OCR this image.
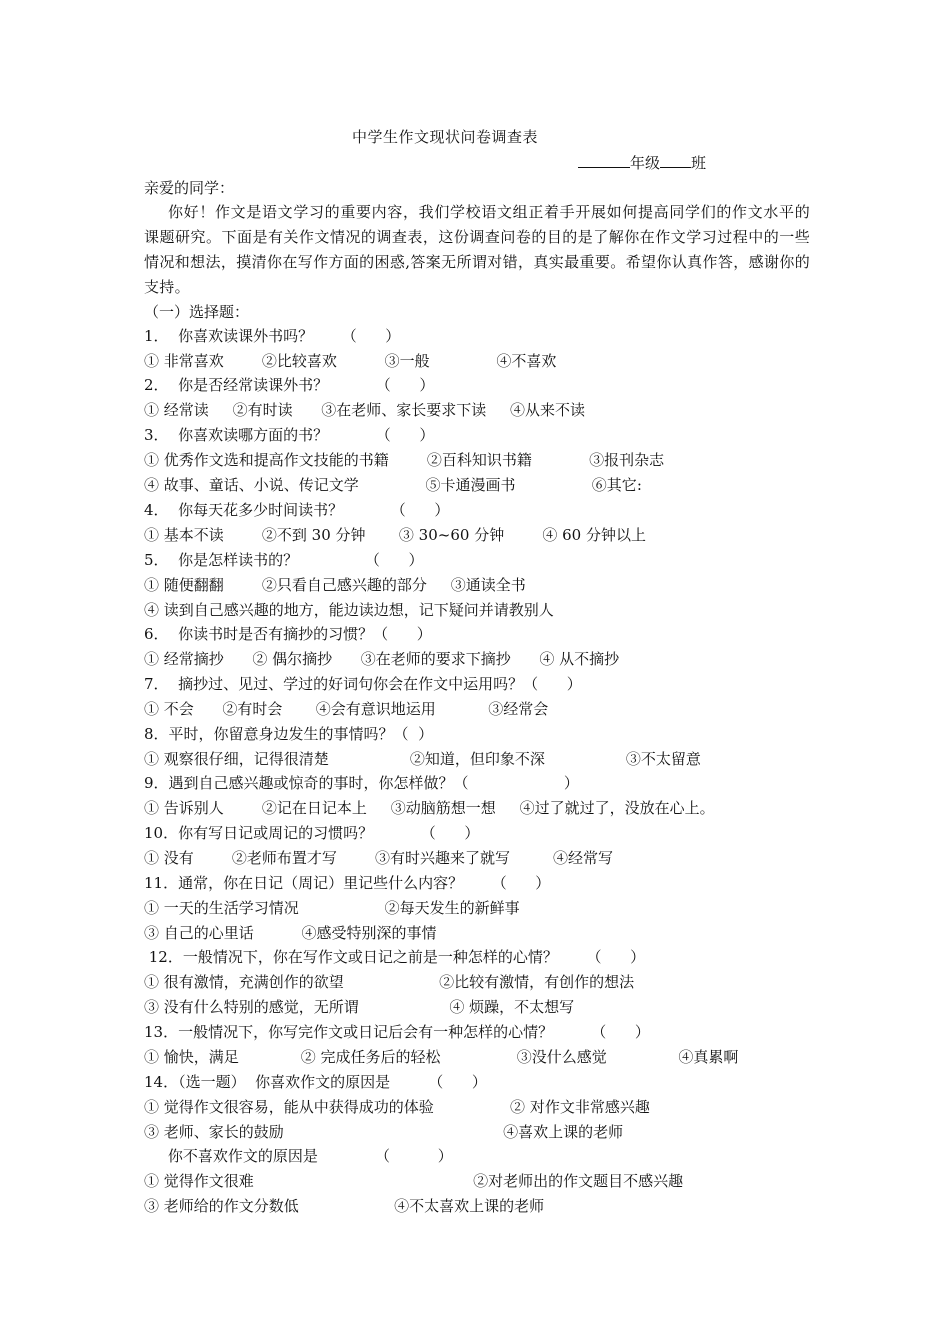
中学生作文现状问卷调查表
年级 班
亲爱的同学：
你好！作文是语文学习的重要内容，我们学校语文组正着手开展如何提高同学们的作文水平的课题研究。下面是有关作文情况的调查表，这份调查问卷的目的是了解你在作文学习过程中的一些情况和想法，摸清你在写作方面的困惑,答案无所谓对错，真实最重要。希望你认真作答，感谢你的支持。
（一）选择题：
1．  你喜欢读课外书吗？      （      ）
① 非常喜欢        ②比较喜欢          ③一般              ④不喜欢
2．  你是否经常读课外书？          （      ）
① 经常读     ②有时读      ③在老师、家长要求下读     ④从来不读
3．  你喜欢读哪方面的书？          （      ）
① 优秀作文选和提高作文技能的书籍        ②百科知识书籍            ③报刊杂志
④ 故事、童话、小说、传记文学              ⑤卡通漫画书                ⑥其它:
4．  你每天花多少时间读书？          （      ）
① 基本不读        ②不到 30 分钟       ③ 30~60 分钟        ④ 60 分钟以上
5．  你是怎样读书的？              （      ）
① 随便翻翻        ②只看自己感兴趣的部分     ③通读全书
④ 读到自己感兴趣的地方，能边读边想，记下疑问并请教别人
6．  你读书时是否有摘抄的习惯？（      ）
① 经常摘抄      ② 偶尔摘抄      ③在老师的要求下摘抄      ④ 从不摘抄
7．  摘抄过、见过、学过的好词句你会在作文中运用吗？（      ）
① 不会      ②有时会       ④会有意识地运用           ③经常会
8．平时，你留意身边发生的事情吗？（  ）
① 观察很仔细，记得很清楚                 ②知道，但印象不深                 ③不太留意
9．遇到自己感兴趣或惊奇的事时，你怎样做？（                    ）
① 告诉别人        ②记在日记本上     ③动脑筋想一想     ④过了就过了，没放在心上。
10．你有写日记或周记的习惯吗？          （      ）
① 没有        ②老师布置才写        ③有时兴趣来了就写         ④经常写
11．通常，你在日记（周记）里记些什么内容？      （      ）
① 一天的生活学习情况                  ②每天发生的新鲜事
③ 自己的心里话          ④感受特别深的事情
12．一般情况下，你在写作文或日记之前是一种怎样的心情？      （      ）
① 很有激情，充满创作的欲望                    ②比较有激情，有创作的想法
③ 没有什么特别的感觉，无所谓                   ④ 烦躁，不太想写
13．一般情况下，你写完作文或日记后会有一种怎样的心情？        （      ）
① 愉快，满足             ② 完成任务后的轻松                ③没什么感觉               ④真累啊
14．（选一题）  你喜欢作文的原因是        （      ）
① 觉得作文很容易，能从中获得成功的体验                ② 对作文非常感兴趣
③ 老师、家长的鼓励                                              ④喜欢上课的老师
你不喜欢作文的原因是            （          ）
① 觉得作文很难                                              ②对老师出的作文题目不感兴趣
③ 老师给的作文分数低                    ④不太喜欢上课的老师
